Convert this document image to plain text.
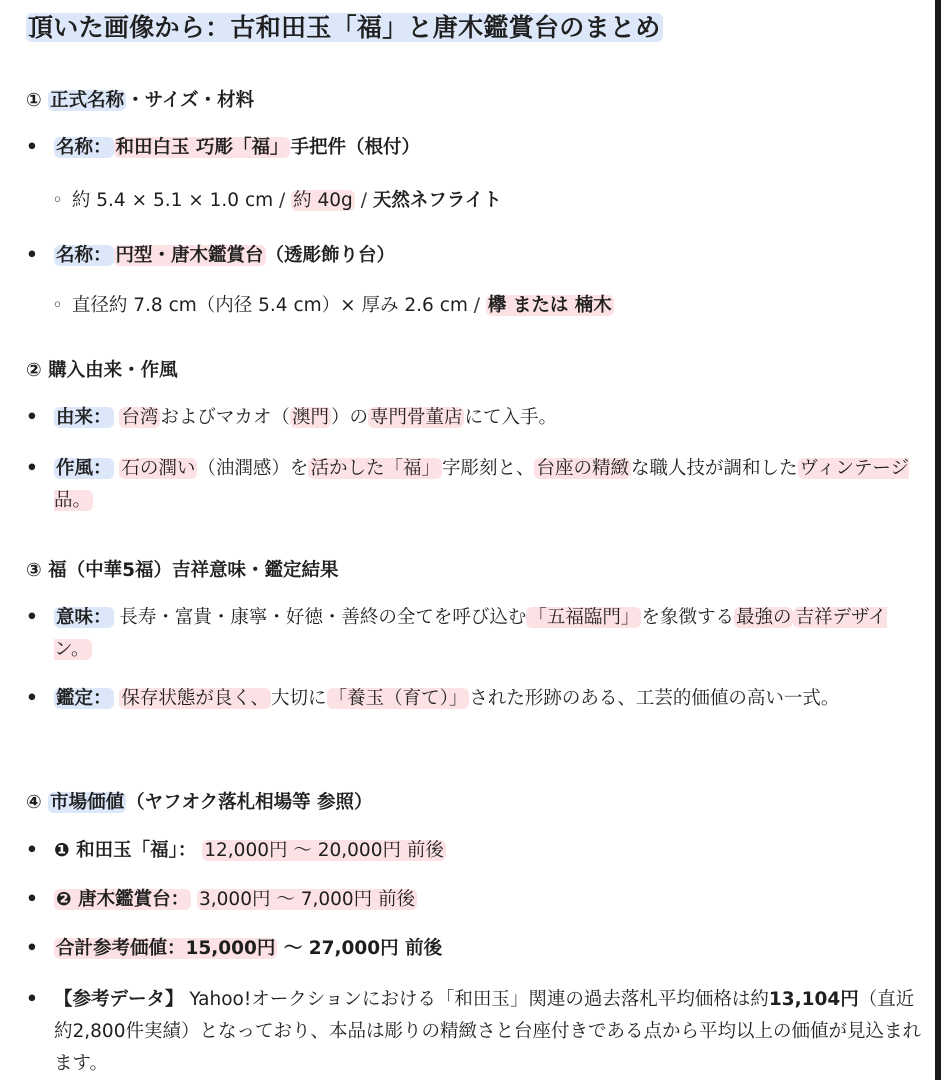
頂いた画像から：古和田玉「福」と唐木鑑賞台のまとめ
① 正式名称 ・サイズ・材料
• 名称： 和田白玉 巧彫「福」 手把件（根付）
◦ 約 5.4 × 5.1 × 1.0 cm / 約 40g / 天然ネフライト
• 名称： 円型・唐木鑑賞台 （透彫飾り台）
◦ 直径約 7.8 cm（内径 5.4 cm）× 厚み 2.6 cm / 欅 または 楠木
② 購入由来・作風
• 由来： 台湾 およびマカオ（ 澳門 ）の 専門骨董店 にて入手。
• 作風： 石の潤い （油潤感）を 活かした「福」 字彫刻と、 台座の精緻 な職人技が調和した ヴィンテージ品。
③ 福（中華5福）吉祥意味・鑑定結果
• 意味： 長寿・富貴・康寧・好徳・善終の全てを呼び込む 「五福臨門」 を象徴する 最強の 吉祥デザイン。
• 鑑定： 保存状態が良く、 大切に 「養玉（育て）」 された形跡のある、工芸的価値の高い一式。
④ 市場価値 （ヤフオク落札相場等 参照）
• ❶ 和田玉「福」： 12,000円 〜 20,000円 前後
• ❷ 唐木鑑賞台： 3,000円 〜 7,000円 前後
• 合計参考価値：15,000円 〜 27,000円 前後
• 【参考データ】 Yahoo!オークションにおける「和田玉」関連の過去落札平均価格は約13,104円（直近約2,800件実績）となっており、本品は彫りの精緻さと台座付きである点から平均以上の価値が見込まれます。
